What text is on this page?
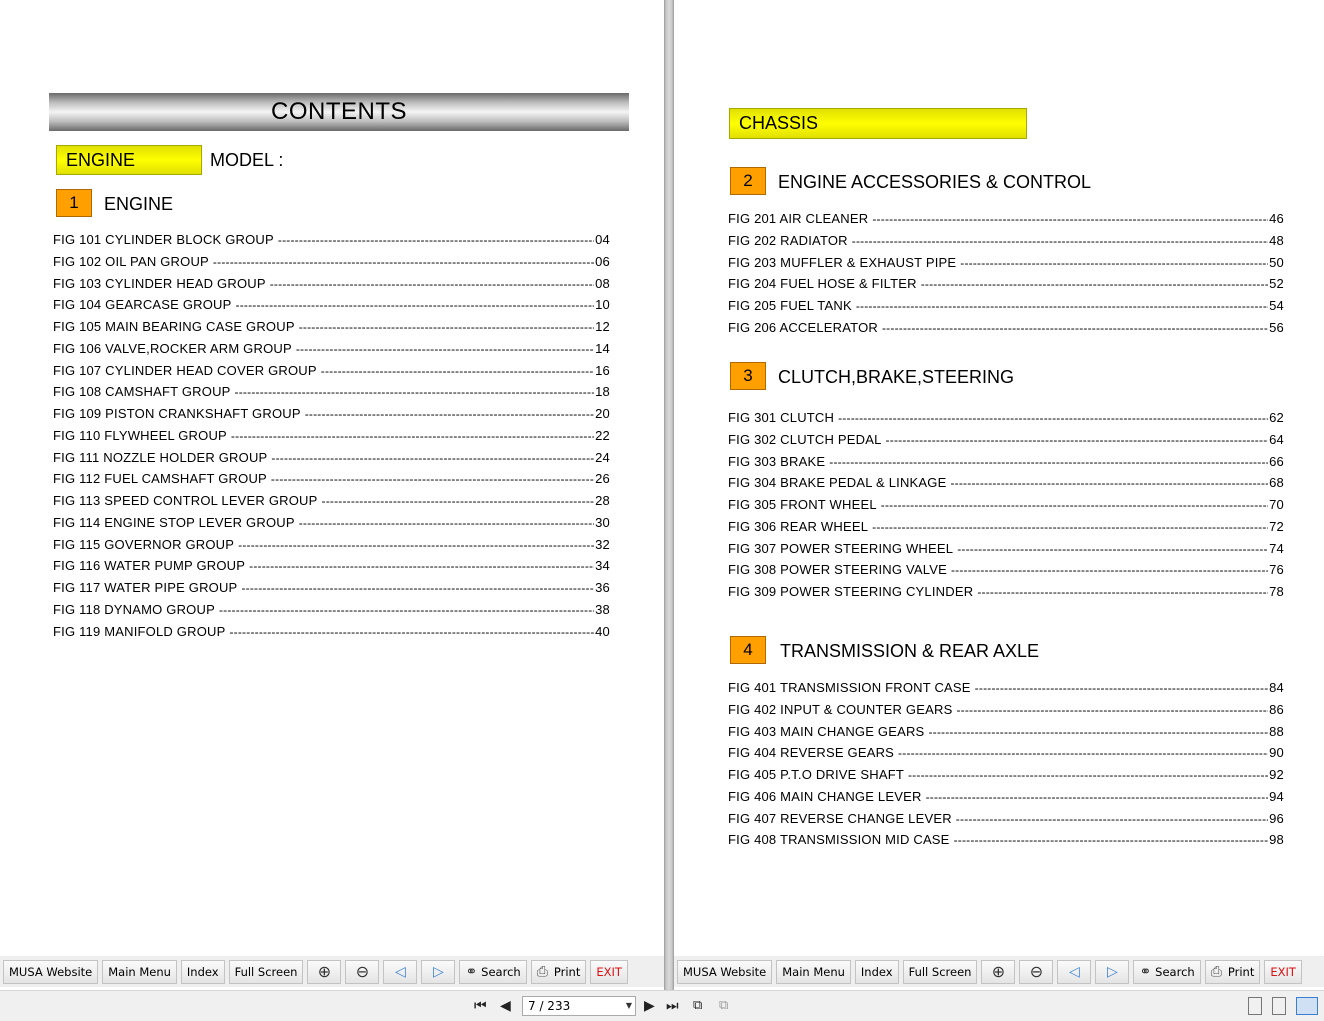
CONTENTS
ENGINE	MODEL :
1	ENGINE
FIG 101 CYLINDER BLOCK GROUP -----	04
FIG 102 OIL PAN GROUP -----	06
FIG 103 CYLINDER HEAD GROUP -----	08
FIG 104 GEARCASE GROUP -----	10
FIG 105 MAIN BEARING CASE GROUP -----	12
FIG 106 VALVE,ROCKER ARM GROUP -----	14
FIG 107 CYLINDER HEAD COVER GROUP -----	16
FIG 108 CAMSHAFT GROUP -----	18
FIG 109 PISTON CRANKSHAFT GROUP -----	20
FIG 110 FLYWHEEL GROUP -----	22
FIG 111 NOZZLE HOLDER GROUP -----	24
FIG 112 FUEL CAMSHAFT GROUP -----	26
FIG 113 SPEED CONTROL LEVER GROUP -----	28
FIG 114 ENGINE STOP LEVER GROUP -----	30
FIG 115 GOVERNOR GROUP -----	32
FIG 116 WATER PUMP GROUP -----	34
FIG 117 WATER PIPE GROUP -----	36
FIG 118 DYNAMO GROUP -----	38
FIG 119 MANIFOLD GROUP -----	40
CHASSIS
2	ENGINE ACCESSORIES & CONTROL
FIG 201 AIR CLEANER -----	46
FIG 202 RADIATOR -----	48
FIG 203 MUFFLER & EXHAUST PIPE -----	50
FIG 204 FUEL HOSE & FILTER -----	52
FIG 205 FUEL TANK -----	54
FIG 206 ACCELERATOR -----	56
3	CLUTCH,BRAKE,STEERING
FIG 301 CLUTCH -----	62
FIG 302 CLUTCH PEDAL -----	64
FIG 303 BRAKE -----	66
FIG 304 BRAKE PEDAL & LINKAGE -----	68
FIG 305 FRONT WHEEL -----	70
FIG 306 REAR WHEEL -----	72
FIG 307 POWER STEERING WHEEL -----	74
FIG 308 POWER STEERING VALVE -----	76
FIG 309 POWER STEERING CYLINDER -----	78
4	TRANSMISSION & REAR AXLE
FIG 401 TRANSMISSION FRONT CASE -----	84
FIG 402 INPUT & COUNTER GEARS -----	86
FIG 403 MAIN CHANGE GEARS -----	88
FIG 404 REVERSE GEARS -----	90
FIG 405 P.T.O DRIVE SHAFT -----	92
FIG 406 MAIN CHANGE LEVER -----	94
FIG 407 REVERSE CHANGE LEVER -----	96
FIG 408 TRANSMISSION MID CASE -----	98
MUSA Website	Main Menu	Index	Full Screen	⊕ ⊖ ◁ ▷ ⚭ Search ⎙ Print	EXIT	MUSA Website	Main Menu	Index	Full Screen	⊕ ⊖ ◁ ▷ ⚭ Search ⎙ Print	EXIT
⏮ ◀	7 / 233	▼ ▶ ⏭ ⧉ ⧉
